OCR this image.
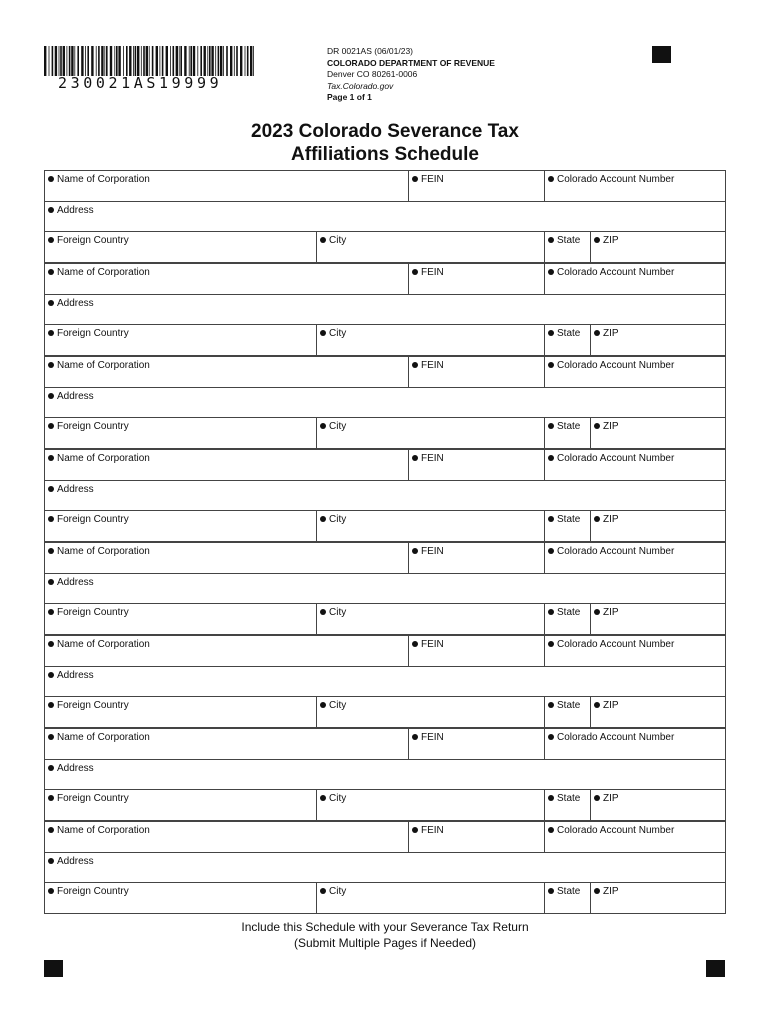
230021AS19999
DR 0021AS (06/01/23)
COLORADO DEPARTMENT OF REVENUE
Denver CO 80261-0006
Tax.Colorado.gov
Page 1 of 1
2023 Colorado Severance Tax
Affiliations Schedule
Name of Corporation	FEIN	Colorado Account Number
Address
Foreign Country	City	State	ZIP
Name of Corporation	FEIN	Colorado Account Number
Address
Foreign Country	City	State	ZIP
Name of Corporation	FEIN	Colorado Account Number
Address
Foreign Country	City	State	ZIP
Name of Corporation	FEIN	Colorado Account Number
Address
Foreign Country	City	State	ZIP
Name of Corporation	FEIN	Colorado Account Number
Address
Foreign Country	City	State	ZIP
Name of Corporation	FEIN	Colorado Account Number
Address
Foreign Country	City	State	ZIP
Name of Corporation	FEIN	Colorado Account Number
Address
Foreign Country	City	State	ZIP
Name of Corporation	FEIN	Colorado Account Number
Address
Foreign Country	City	State	ZIP
Include this Schedule with your Severance Tax Return
(Submit Multiple Pages if Needed)
